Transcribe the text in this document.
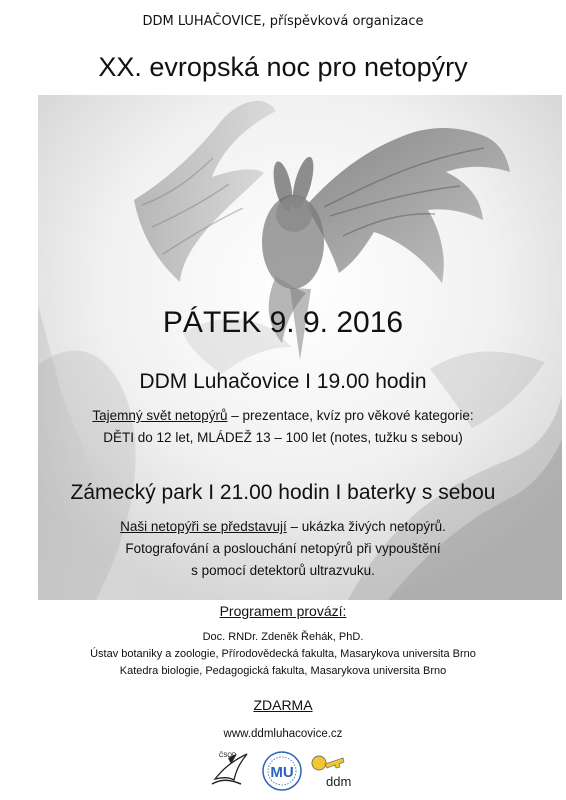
DDM LUHAČOVICE, příspěvková organizace
XX. evropská noc pro netopýry
PÁTEK 9. 9. 2016
DDM Luhačovice I 19.00 hodin
Tajemný svět netopýrů – prezentace, kvíz pro věkové kategorie:
DĚTI do 12 let, MLÁDEŽ 13 – 100 let (notes, tužku s sebou)
Zámecký park I 21.00 hodin I baterky s sebou
Naši netopýři se představují – ukázka živých netopýrů.
Fotografování a poslouchání netopýrů při vypouštění
s pomocí detektorů ultrazvuku.
Programem provází:
Doc. RNDr. Zdeněk Řehák, PhD.
Ústav botaniky a zoologie, Přírodovědecká fakulta, Masarykova universita Brno
Katedra biologie, Pedagogická fakulta, Masarykova universita Brno
ZDARMA
www.ddmluhacovice.cz
ČSOP
MU
ddm
